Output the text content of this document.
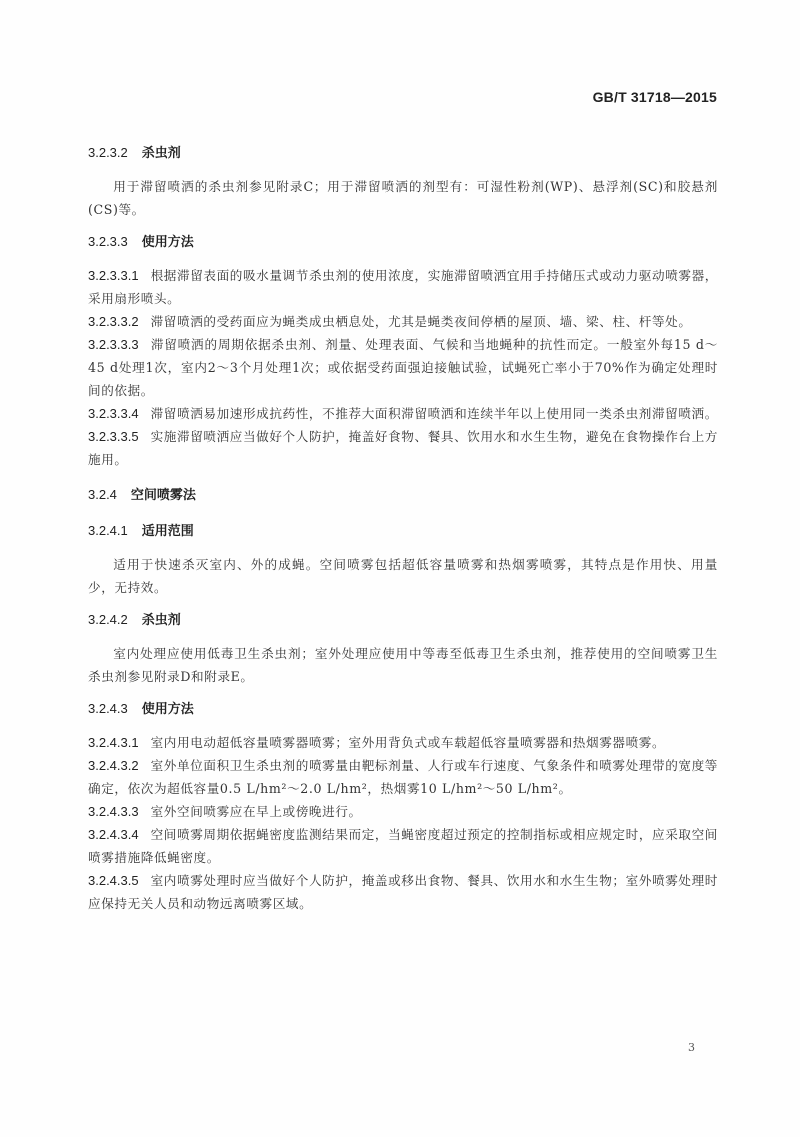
GB/T 31718—2015
3.2.3.2 杀虫剂

用于滞留喷洒的杀虫剂参见附录C；用于滞留喷洒的剂型有：可湿性粉剂(WP)、悬浮剂(SC)和胶悬剂(CS)等。

3.2.3.3 使用方法

3.2.3.3.1 根据滞留表面的吸水量调节杀虫剂的使用浓度，实施滞留喷洒宜用手持储压式或动力驱动喷雾器，采用扇形喷头。

3.2.3.3.2 滞留喷洒的受药面应为蝇类成虫栖息处，尤其是蝇类夜间停栖的屋顶、墙、梁、柱、杆等处。

3.2.3.3.3 滞留喷洒的周期依据杀虫剂、剂量、处理表面、气候和当地蝇种的抗性而定。一般室外每15 d～45 d处理1次，室内2～3个月处理1次；或依据受药面强迫接触试验，试蝇死亡率小于70%作为确定处理时间的依据。

3.2.3.3.4 滞留喷洒易加速形成抗药性，不推荐大面积滞留喷洒和连续半年以上使用同一类杀虫剂滞留喷洒。

3.2.3.3.5 实施滞留喷洒应当做好个人防护，掩盖好食物、餐具、饮用水和水生生物，避免在食物操作台上方施用。

3.2.4 空间喷雾法
3.2.4.1 适用范围

适用于快速杀灭室内、外的成蝇。空间喷雾包括超低容量喷雾和热烟雾喷雾，其特点是作用快、用量少，无持效。

3.2.4.2 杀虫剂

室内处理应使用低毒卫生杀虫剂；室外处理应使用中等毒至低毒卫生杀虫剂，推荐使用的空间喷雾卫生杀虫剂参见附录D和附录E。

3.2.4.3 使用方法

3.2.4.3.1 室内用电动超低容量喷雾器喷雾；室外用背负式或车载超低容量喷雾器和热烟雾器喷雾。

3.2.4.3.2 室外单位面积卫生杀虫剂的喷雾量由靶标剂量、人行或车行速度、气象条件和喷雾处理带的宽度等确定，依次为超低容量0.5 L/hm²～2.0 L/hm²，热烟雾10 L/hm²～50 L/hm²。

3.2.4.3.3 室外空间喷雾应在早上或傍晚进行。

3.2.4.3.4 空间喷雾周期依据蝇密度监测结果而定，当蝇密度超过预定的控制指标或相应规定时，应采取空间喷雾措施降低蝇密度。

3.2.4.3.5 室内喷雾处理时应当做好个人防护，掩盖或移出食物、餐具、饮用水和水生生物；室外喷雾处理时应保持无关人员和动物远离喷雾区域。

3
